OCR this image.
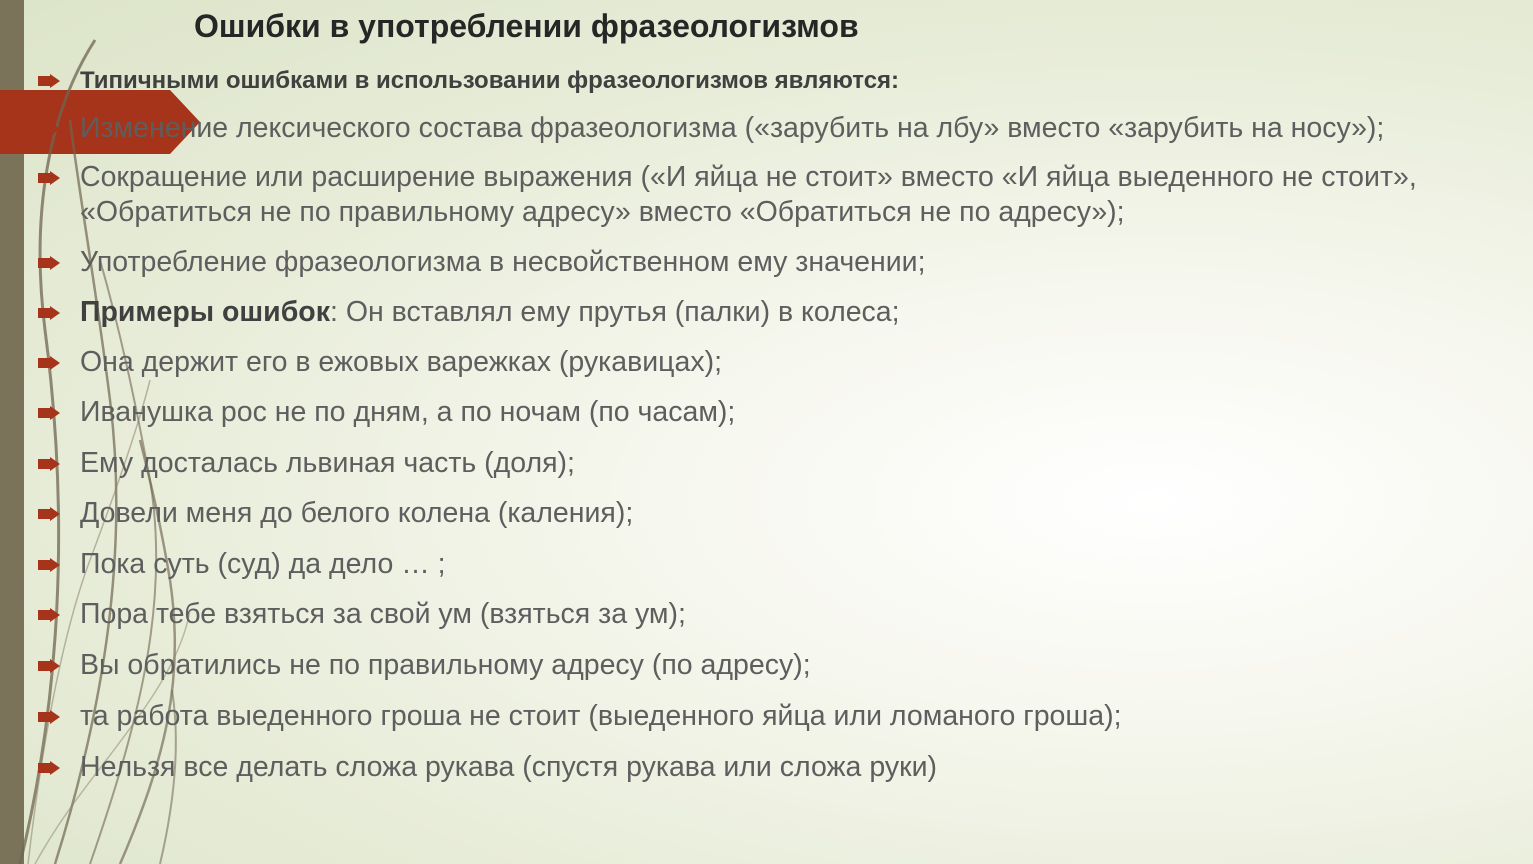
Ошибки в употреблении фразеологизмов
Типичными ошибками в использовании фразеологизмов являются:
Изменение лексического состава фразеологизма («зарубить на лбу» вместо «зарубить на носу»);
Сокращение или расширение выражения («И яйца не стоит» вместо «И яйца выеденного не стоит», «Обратиться не по правильному адресу» вместо «Обратиться не по адресу»);
Употребление фразеологизма в несвойственном ему значении;
Примеры ошибок: Он вставлял ему прутья (палки) в колеса;
Она держит его в ежовых варежках (рукавицах);
Иванушка рос не по дням, а по ночам (по часам);
Ему досталась львиная часть (доля);
Довели меня до белого колена (каления);
Пока суть (суд) да дело … ;
Пора тебе взяться за свой ум (взяться за ум);
Вы обратились не по правильному адресу (по адресу);
та работа выеденного гроша не стоит (выеденного яйца или ломаного гроша);
Нельзя все делать сложа рукава (спустя рукава или сложа руки)
